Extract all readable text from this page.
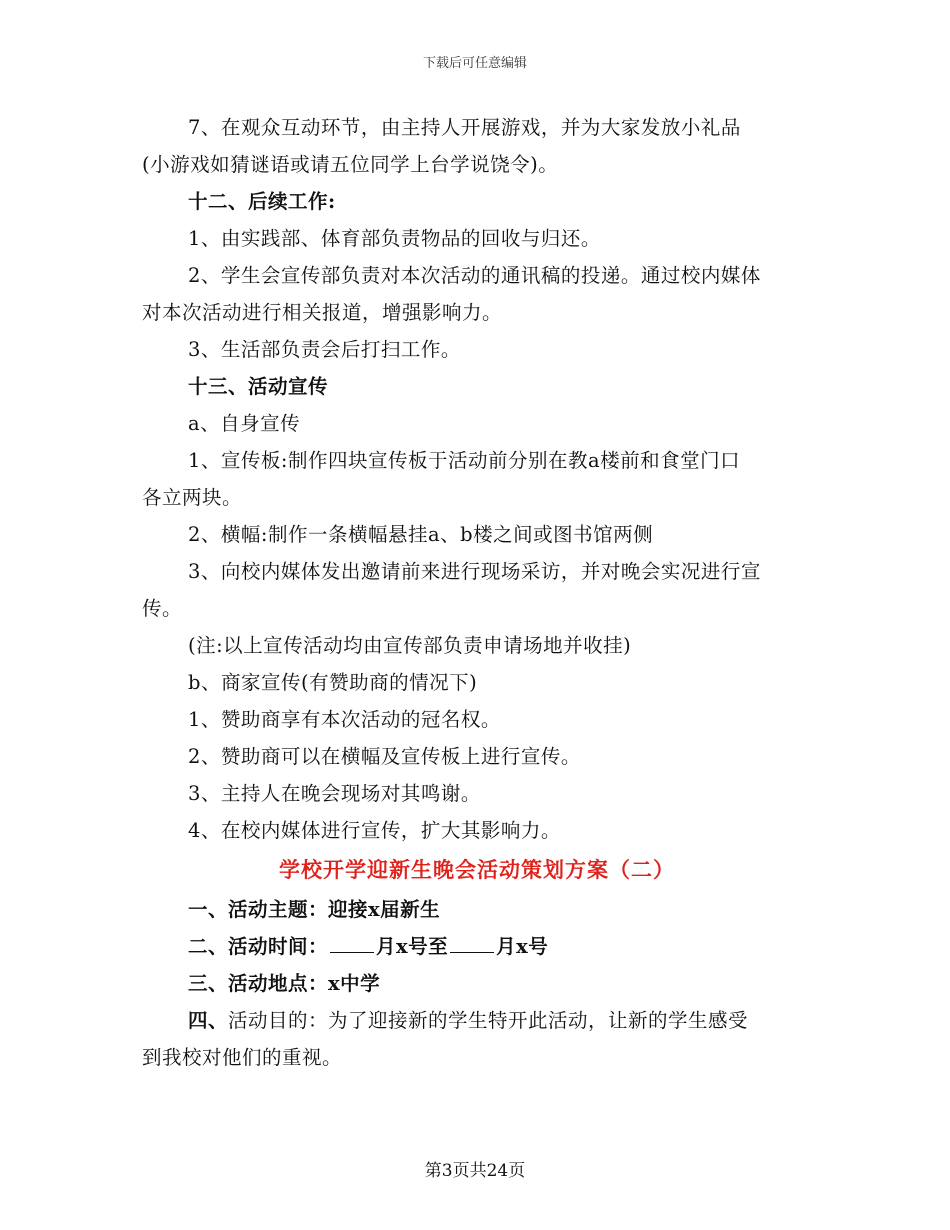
下载后可任意编辑
7、在观众互动环节，由主持人开展游戏，并为大家发放小礼品
(小游戏如猜谜语或请五位同学上台学说饶令)。
十二、后续工作:
1、由实践部、体育部负责物品的回收与归还。
2、学生会宣传部负责对本次活动的通讯稿的投递。通过校内媒体
对本次活动进行相关报道，增强影响力。
3、生活部负责会后打扫工作。
十三、活动宣传
a、自身宣传
1、宣传板:制作四块宣传板于活动前分别在教a楼前和食堂门口
各立两块。
2、横幅:制作一条横幅悬挂a、b楼之间或图书馆两侧
3、向校内媒体发出邀请前来进行现场采访，并对晚会实况进行宣
传。
(注:以上宣传活动均由宣传部负责申请场地并收挂)
b、商家宣传(有赞助商的情况下)
1、赞助商享有本次活动的冠名权。
2、赞助商可以在横幅及宣传板上进行宣传。
3、主持人在晚会现场对其鸣谢。
4、在校内媒体进行宣传，扩大其影响力。
学校开学迎新生晚会活动策划方案（二）
一、活动主题：迎接x届新生
二、活动时间： 月x号至 月x号
三、活动地点：x中学
四、活动目的：为了迎接新的学生特开此活动，让新的学生感受
到我校对他们的重视。
第3页共24页
